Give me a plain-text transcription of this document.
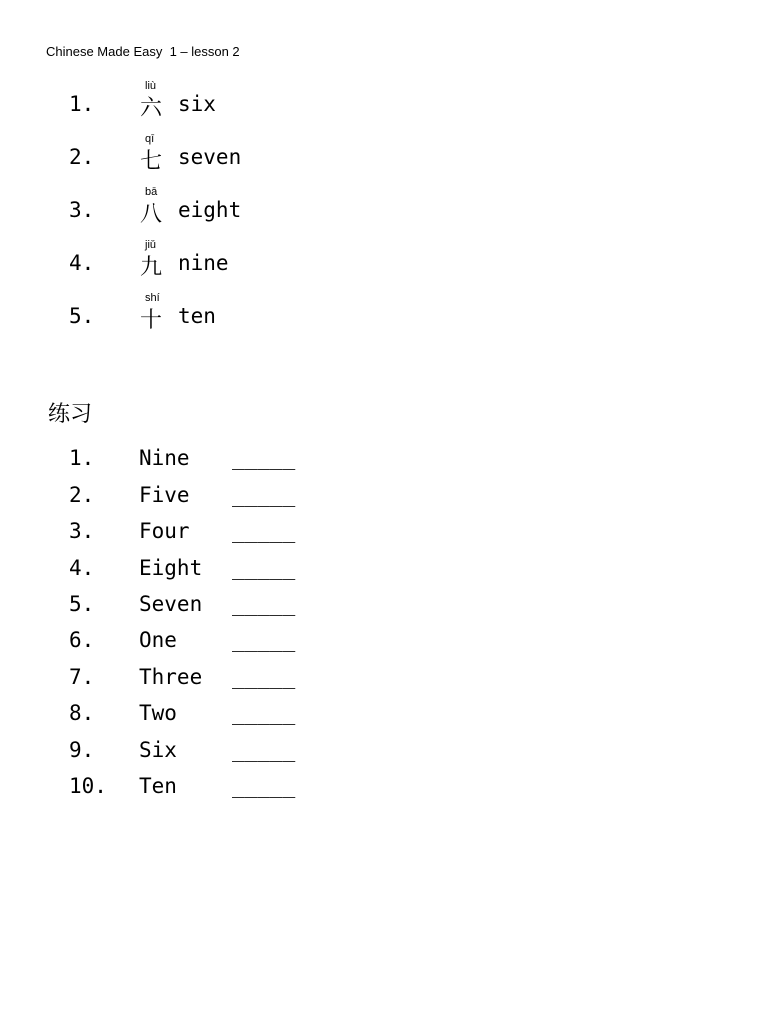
Chinese Made Easy  1 – lesson 2
1.
liù
六 six
2.
qī
七 seven
3.
bā
八 eight
4.
jiǔ
九 nine
5.
shí
十 ten
练习
1. Nine _____
2. Five _____
3. Four _____
4. Eight _____
5. Seven _____
6. One	_____
7. Three _____
8. Two	_____
9. Six	_____
10. Ten	_____
